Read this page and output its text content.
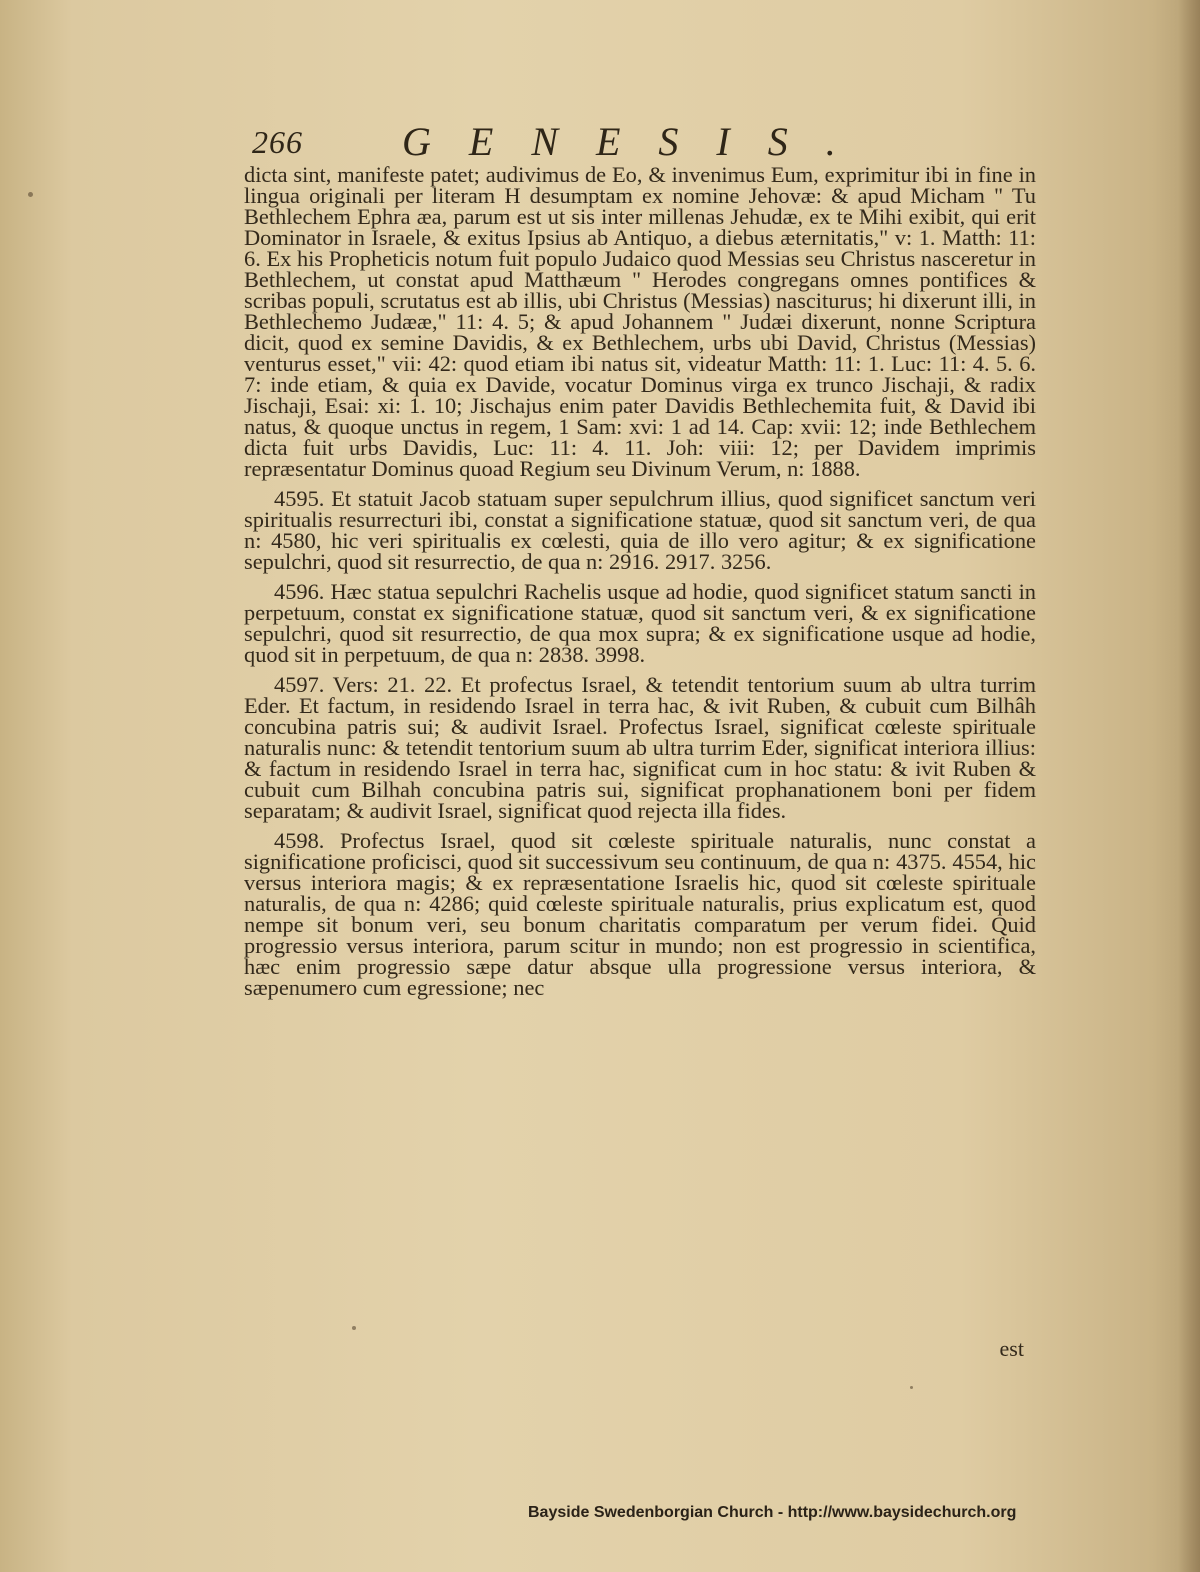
266 GENESIS.

dicta sint, manifeste patet; audivimus de Eo, & invenimus Eum, exprimitur ibi in fine in lingua originali per literam H desumptam ex nomine Jehovæ: & apud Micham " Tu Bethlechem Ephra æa, parum est ut sis inter millenas Jehudæ, ex te Mihi exibit, qui erit Dominator in Israele, & exitus Ipsius ab Antiquo, a diebus æternitatis," v: 1. Matth: 11: 6. Ex his Propheticis notum fuit populo Judaico quod Messias seu Christus nasceretur in Bethlechem, ut constat apud Matthæum " Herodes congregans omnes pontifices & scribas populi, scrutatus est ab illis, ubi Christus (Messias) nasciturus; hi dixerunt illi, in Bethlechemo Judææ," 11: 4. 5; & apud Johannem " Judæi dixerunt, nonne Scriptura dicit, quod ex semine Davidis, & ex Bethlechem, urbs ubi David, Christus (Messias) venturus esset," vii: 42: quod etiam ibi natus sit, videatur Matth: 11: 1. Luc: 11: 4. 5. 6. 7: inde etiam, & quia ex Davide, vocatur Dominus virga ex trunco Jischaji, & radix Jischaji, Esai: xi: 1. 10; Jischajus enim pater Davidis Bethlechemita fuit, & David ibi natus, & quoque unctus in regem, 1 Sam: xvi: 1 ad 14. Cap: xvii: 12; inde Bethlechem dicta fuit urbs Davidis, Luc: 11: 4. 11. Joh: viii: 12; per Davidem imprimis repræsentatur Dominus quoad Regium seu Divinum Verum, n: 1888.

4595. Et statuit Jacob statuam super sepulchrum illius, quod significet sanctum veri spiritualis resurrecturi ibi, constat a significatione statuæ, quod sit sanctum veri, de qua n: 4580, hic veri spiritualis ex cœlesti, quia de illo vero agitur; & ex significatione sepulchri, quod sit resurrectio, de qua n: 2916. 2917. 3256.

4596. Hæc statua sepulchri Rachelis usque ad hodie, quod significet statum sancti in perpetuum, constat ex significatione statuæ, quod sit sanctum veri, & ex significatione sepulchri, quod sit resurrectio, de qua mox supra; & ex significatione usque ad hodie, quod sit in perpetuum, de qua n: 2838. 3998.

4597. Vers: 21. 22. Et profectus Israel, & tetendit tentorium suum ab ultra turrim Eder. Et factum, in residendo Israel in terra hac, & ivit Ruben, & cubuit cum Bilhâh concubina patris sui; & audivit Israel. Profectus Israel, significat cœleste spirituale naturalis nunc: & tetendit tentorium suum ab ultra turrim Eder, significat interiora illius: & factum in residendo Israel in terra hac, significat cum in hoc statu: & ivit Ruben & cubuit cum Bilhah concubina patris sui, significat prophanationem boni per fidem separatam; & audivit Israel, significat quod rejecta illa fides.

4598. Profectus Israel, quod sit cœleste spirituale naturalis, nunc constat a significatione proficisci, quod sit successivum seu continuum, de qua n: 4375. 4554, hic versus interiora magis; & ex repræsentatione Israelis hic, quod sit cœleste spirituale naturalis, de qua n: 4286; quid cœleste spirituale naturalis, prius explicatum est, quod nempe sit bonum veri, seu bonum charitatis comparatum per verum fidei. Quid progressio versus interiora, parum scitur in mundo; non est progressio in scientifica, hæc enim progressio sæpe datur absque ulla progressione versus interiora, & sæpenumero cum egressione; nec

est
Bayside Swedenborgian Church - http://www.baysidechurch.org
